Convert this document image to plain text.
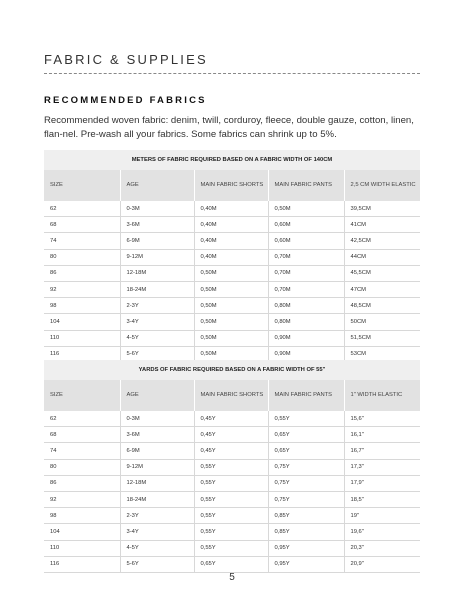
FABRIC & SUPPLIES
RECOMMENDED FABRICS
Recommended woven fabric: denim, twill, corduroy, fleece, double gauze, cotton, linen, flan-nel. Pre-wash all your fabrics. Some fabrics can shrink up to 5%.
METERS OF FABRIC REQUIRED BASED ON A FABRIC WIDTH OF 140CM
SIZE	AGE	MAIN FABRIC SHORTS	MAIN FABRIC PANTS	2,5 CM WIDTH ELASTIC
62	0-3M	0,40M	0,50M	39,5CM
68	3-6M	0,40M	0,60M	41CM
74	6-9M	0,40M	0,60M	42,5CM
80	9-12M	0,40M	0,70M	44CM
86	12-18M	0,50M	0,70M	45,5CM
92	18-24M	0,50M	0,70M	47CM
98	2-3Y	0,50M	0,80M	48,5CM
104	3-4Y	0,50M	0,80M	50CM
110	4-5Y	0,50M	0,90M	51,5CM
116	5-6Y	0,50M	0,90M	53CM
YARDS OF FABRIC REQUIRED BASED ON A FABRIC WIDTH OF 55"
SIZE	AGE	MAIN FABRIC SHORTS	MAIN FABRIC PANTS	1" WIDTH ELASTIC
62	0-3M	0,45Y	0,55Y	15,6"
68	3-6M	0,45Y	0,65Y	16,1"
74	6-9M	0,45Y	0,65Y	16,7"
80	9-12M	0,55Y	0,75Y	17,3"
86	12-18M	0,55Y	0,75Y	17,9"
92	18-24M	0,55Y	0,75Y	18,5"
98	2-3Y	0,55Y	0,85Y	19"
104	3-4Y	0,55Y	0,85Y	19,6"
110	4-5Y	0,55Y	0,95Y	20,3"
116	5-6Y	0,65Y	0,95Y	20,9"
5
